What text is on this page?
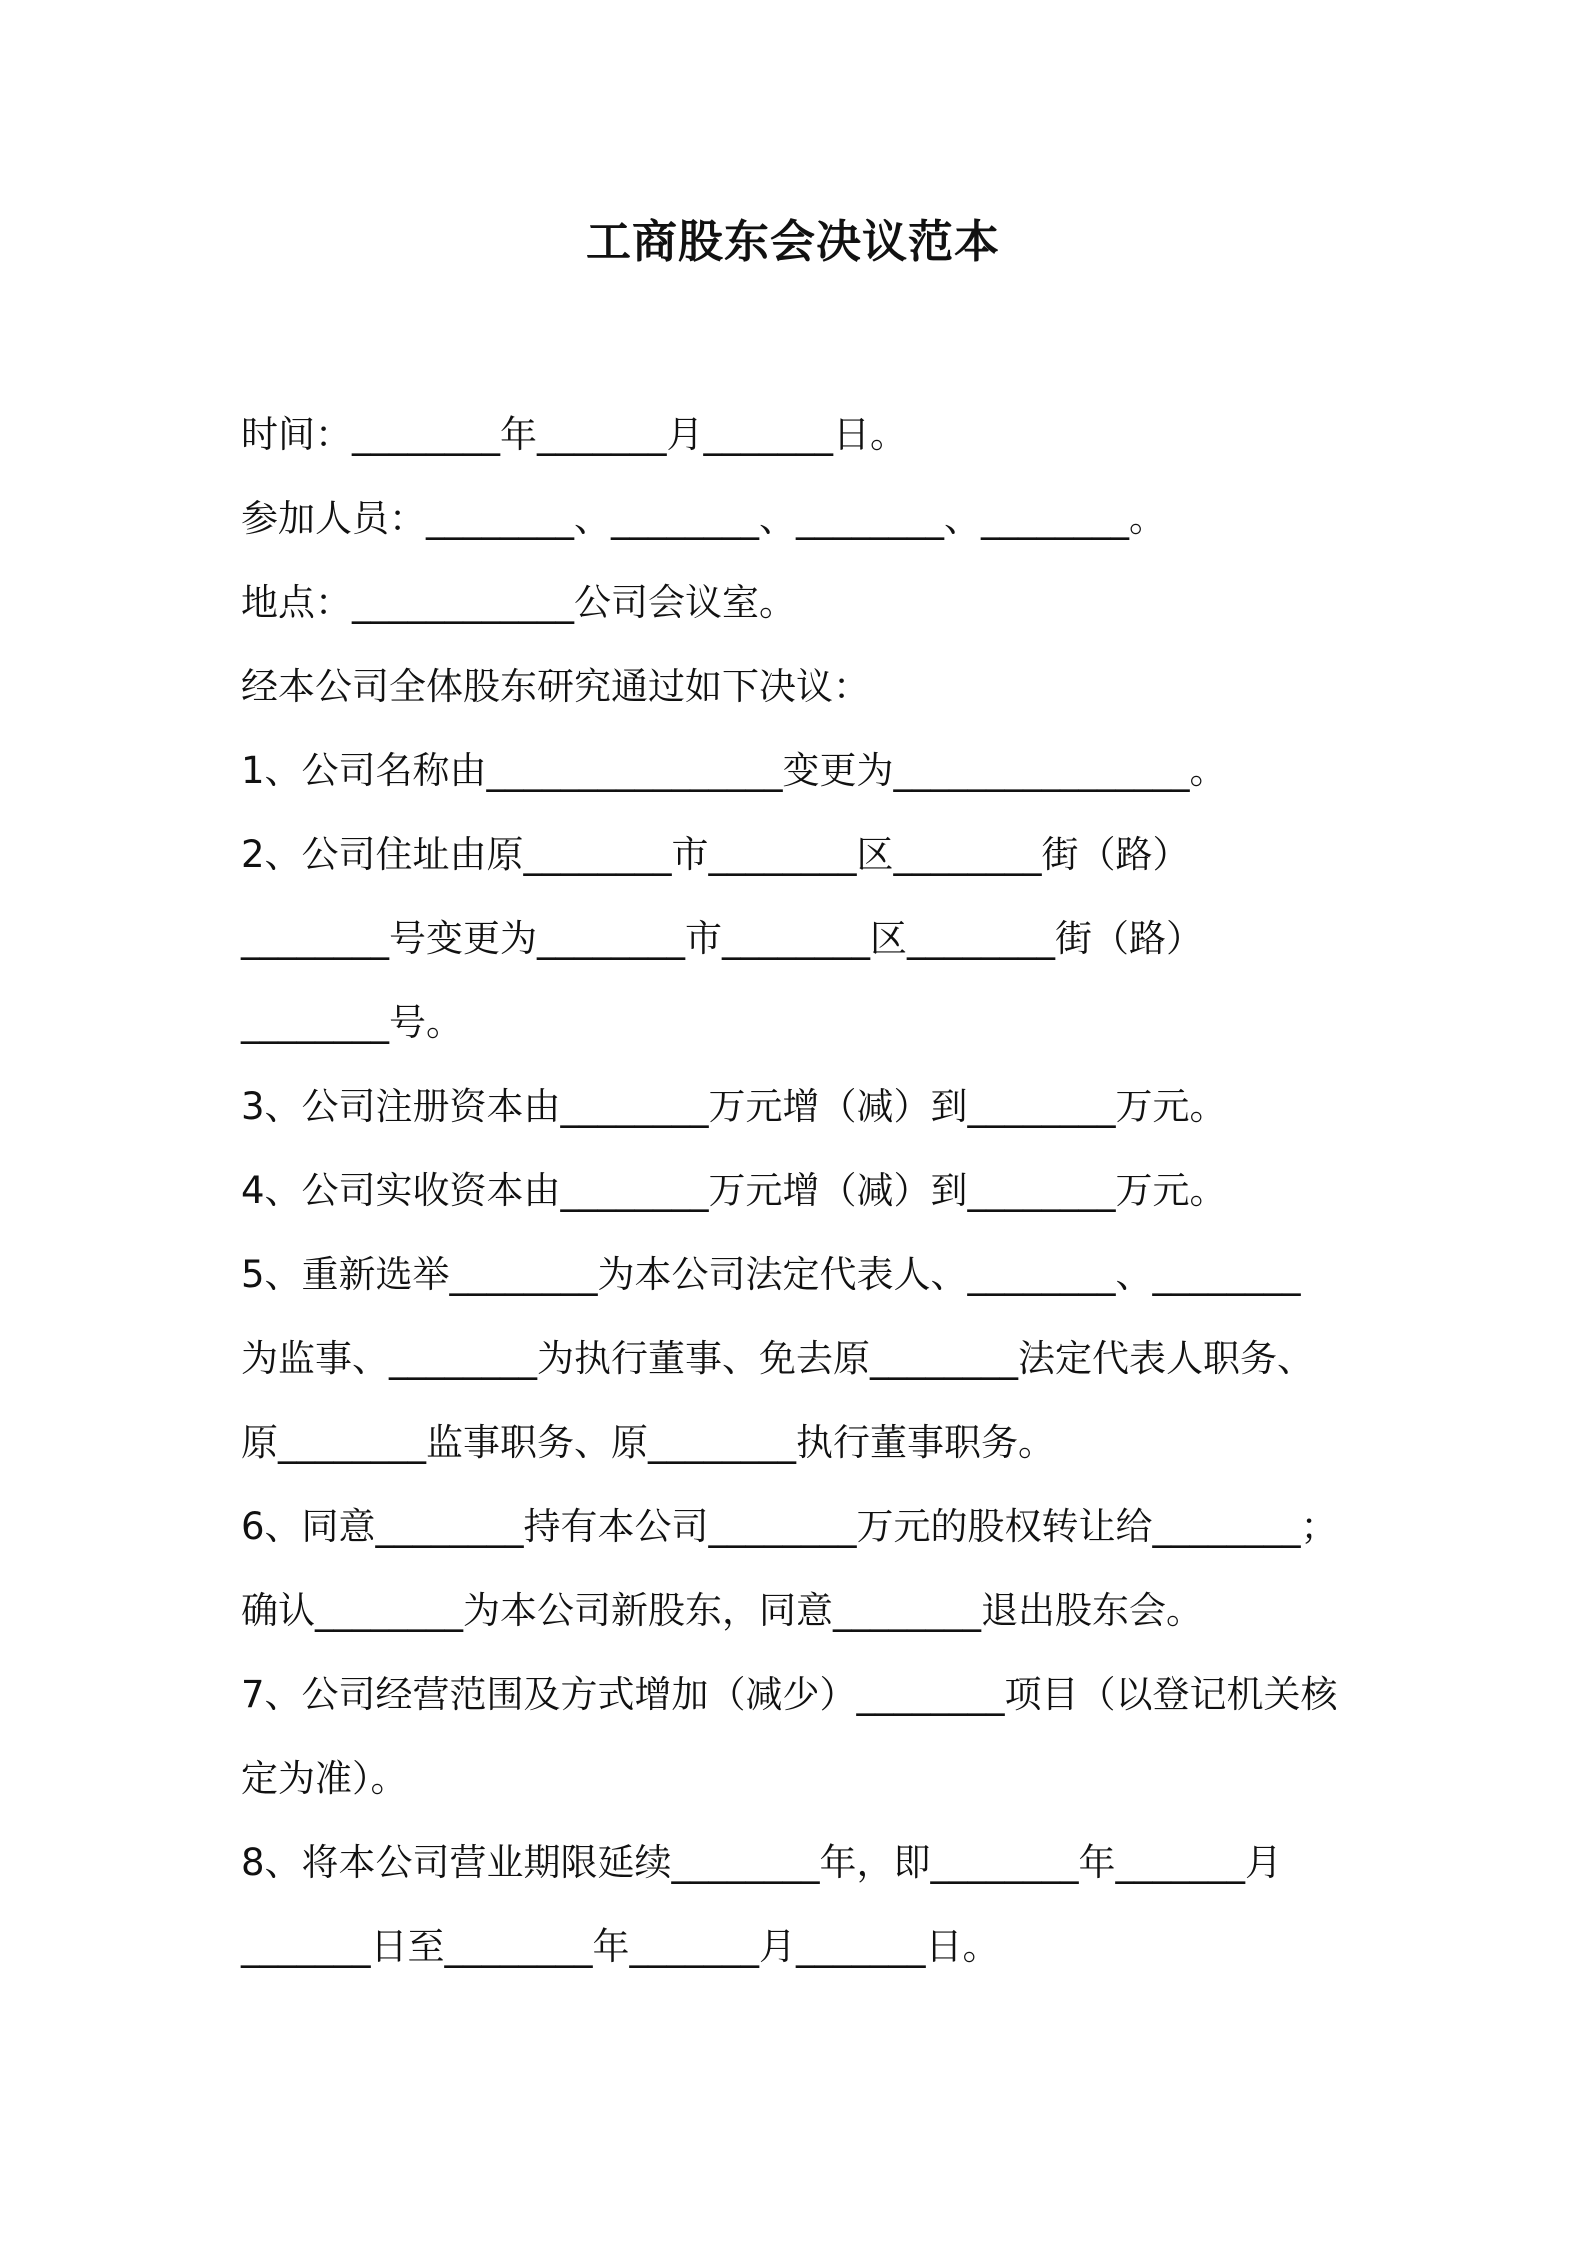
工商股东会决议范本
时间：________年_______月_______日。
参加人员：________、________、________、________。
地点：____________公司会议室。
经本公司全体股东研究通过如下决议：
1、公司名称由________________变更为________________。
2、公司住址由原________市________区________街（路）
________号变更为________市________区________街（路）
________号。
3、公司注册资本由________万元增（减）到________万元。
4、公司实收资本由________万元增（减）到________万元。
5、重新选举________为本公司法定代表人、________、________
为监事、________为执行董事、免去原________法定代表人职务、
原________监事职务、原________执行董事职务。
6、同意________持有本公司________万元的股权转让给________；
确认________为本公司新股东，同意________退出股东会。
7、公司经营范围及方式增加（减少）________项目（以登记机关核
定为准）。
8、将本公司营业期限延续________年，即________年_______月
_______日至________年_______月_______日。
